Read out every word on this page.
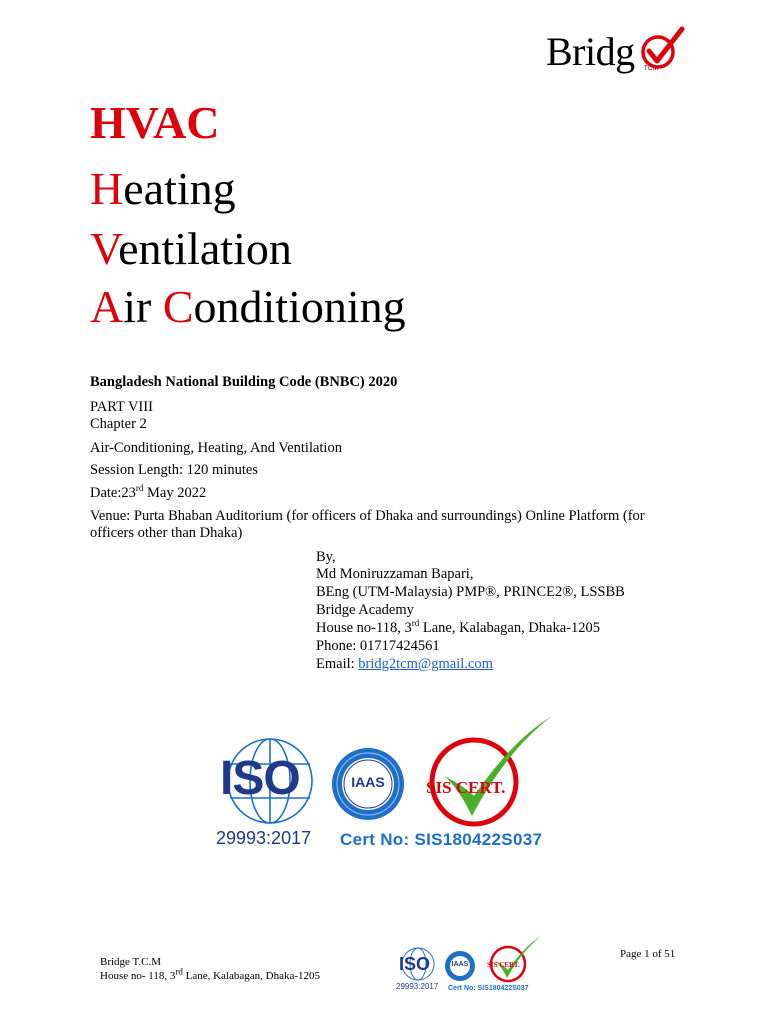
Bridg TCM
HVAC
Heating
Ventilation
Air Conditioning
Bangladesh National Building Code (BNBC) 2020
PART VIII
Chapter 2
Air-Conditioning, Heating, And Ventilation
Session Length: 120 minutes
Date:23rd May 2022
Venue: Purta Bhaban Auditorium (for officers of Dhaka and surroundings) Online Platform (for officers other than Dhaka)
By,
Md Moniruzzaman Bapari,
BEng (UTM-Malaysia) PMP®, PRINCE2®, LSSBB
Bridge Academy
House no-118, 3rd Lane, Kalabagan, Dhaka-1205
Phone: 01717424561
Email: bridg2tcm@gmail.com
ISO
29993:2017
IAAS	SIS CERT.
Cert No: SIS180422S037
Bridge T.C.M
House no- 118, 3rd Lane, Kalabagan, Dhaka-1205
Page 1 of 51
ISO
29993:2017
IAAS	SIS CERT.
Cert No: SIS180422S037
